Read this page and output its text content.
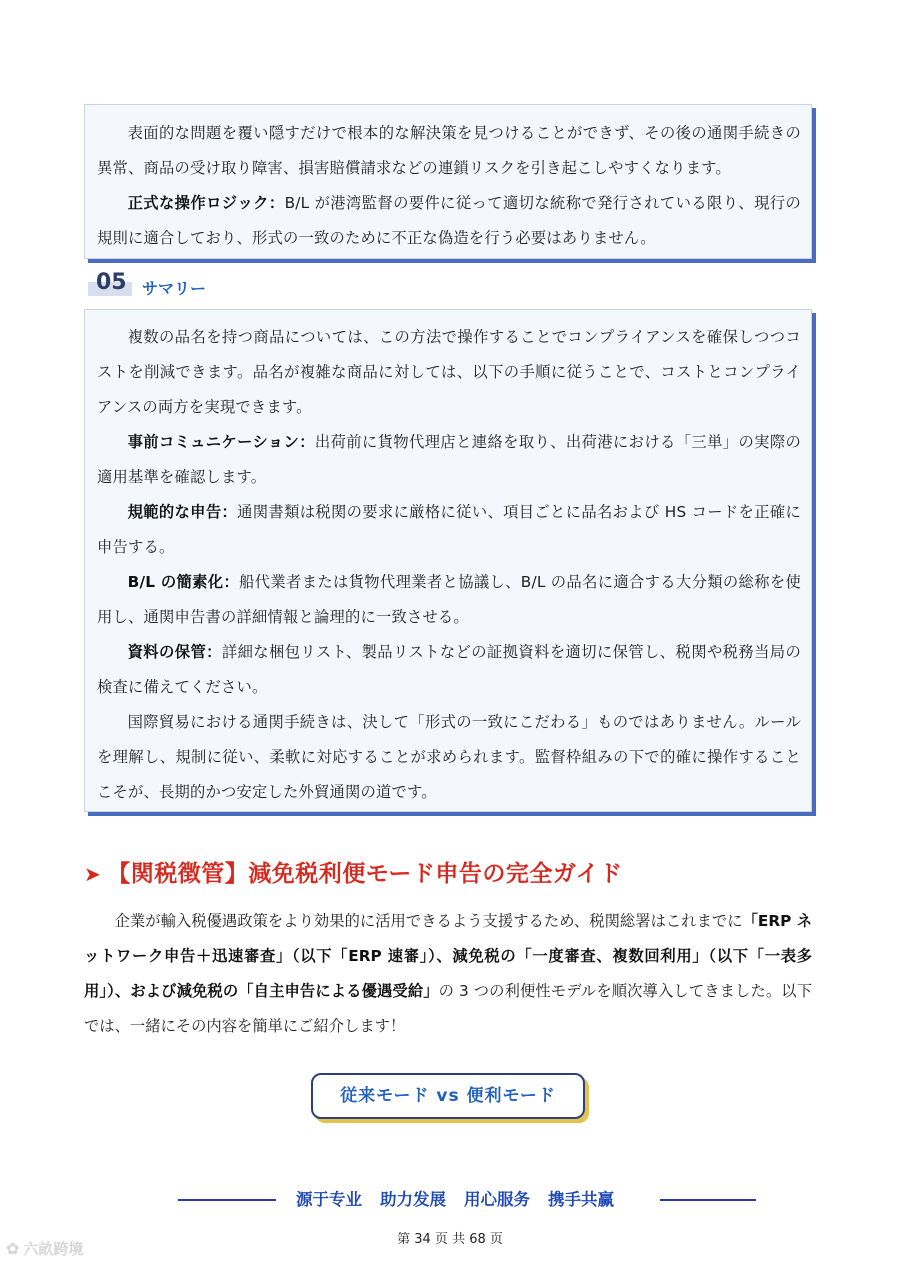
表面的な問題を覆い隠すだけで根本的な解決策を見つけることができず、その後の通関手続きの異常、商品の受け取り障害、損害賠償請求などの連鎖リスクを引き起こしやすくなります。

正式な操作ロジック：B/L が港湾監督の要件に従って適切な統称で発行されている限り、現行の規則に適合しており、形式の一致のために不正な偽造を行う必要はありません。

05 サマリー

複数の品名を持つ商品については、この方法で操作することでコンプライアンスを確保しつつコストを削減できます。品名が複雑な商品に対しては、以下の手順に従うことで、コストとコンプライアンスの両方を実現できます。

事前コミュニケーション：出荷前に貨物代理店と連絡を取り、出荷港における「三単」の実際の適用基準を確認します。

規範的な申告：通関書類は税関の要求に厳格に従い、項目ごとに品名および HS コードを正確に申告する。

B/L の簡素化：船代業者または貨物代理業者と協議し、B/L の品名に適合する大分類の総称を使用し、通関申告書の詳細情報と論理的に一致させる。

資料の保管：詳細な梱包リスト、製品リストなどの証拠資料を適切に保管し、税関や税務当局の検査に備えてください。

国際貿易における通関手続きは、決して「形式の一致にこだわる」ものではありません。ルールを理解し、規制に従い、柔軟に対応することが求められます。監督枠組みの下で的確に操作することこそが、長期的かつ安定した外貿通関の道です。

➤ 【関税徴管】減免税利便モード申告の完全ガイド

企業が輸入税優遇政策をより効果的に活用できるよう支援するため、税関総署はこれまでに「ERP ネットワーク申告＋迅速審査」（以下「ERP 速審」）、減免税の「一度審査、複数回利用」（以下「一表多用」）、および減免税の「自主申告による優遇受給」の 3 つの利便性モデルを順次導入してきました。以下では、一緒にその内容を簡単にご紹介します！

従来モード vs 便利モード
源于专业 助力发展 用心服务 携手共赢
第 34 页 共 68 页
✿ 六畝跨境
